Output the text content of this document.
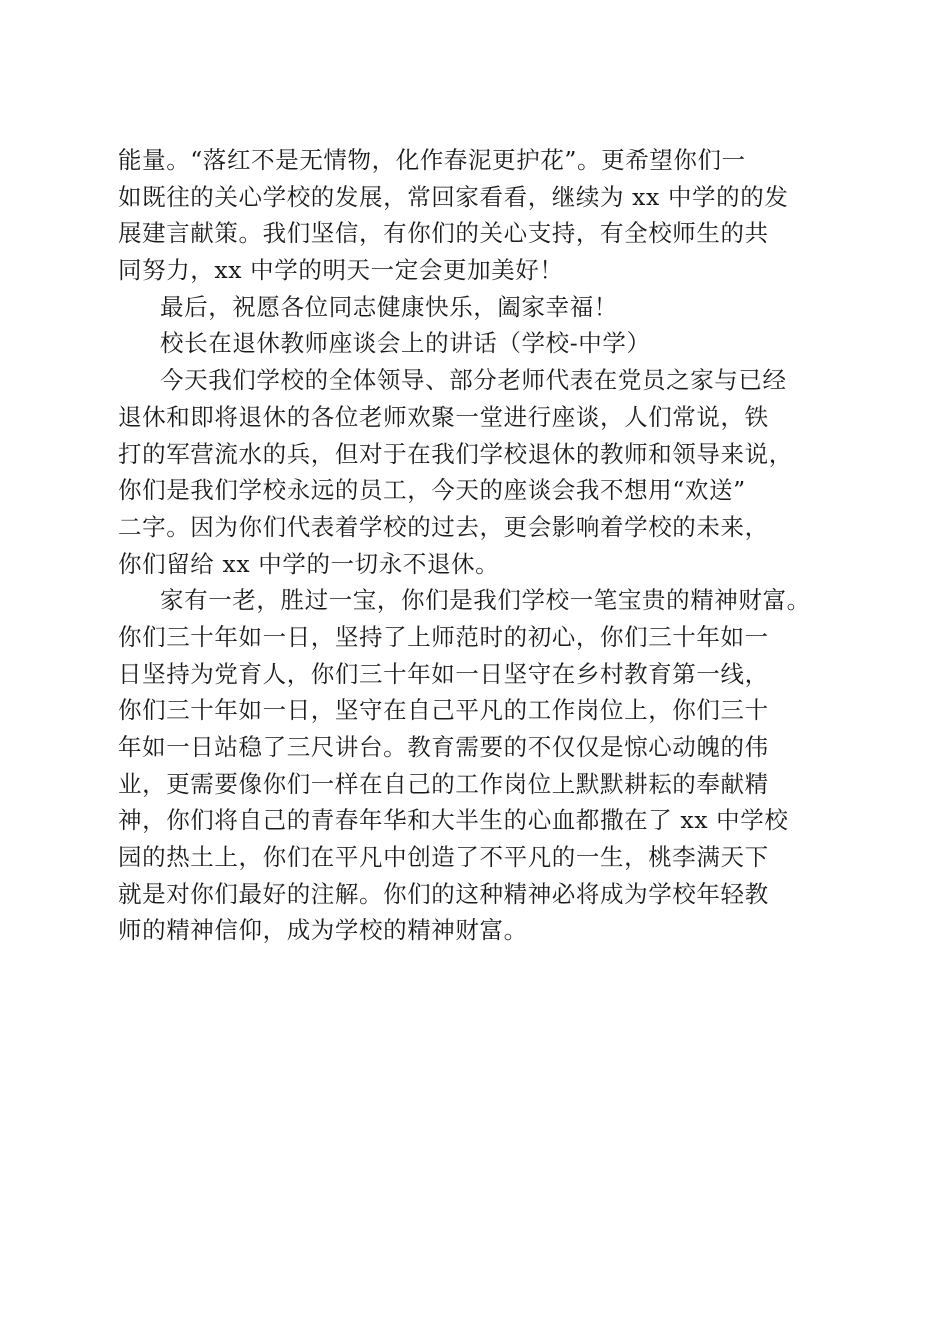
能量。“落红不是无情物，化作春泥更护花”。更希望你们一
如既往的关心学校的发展，常回家看看，继续为 xx 中学的的发
展建言献策。我们坚信，有你们的关心支持，有全校师生的共
同努力，xx 中学的明天一定会更加美好！
最后，祝愿各位同志健康快乐，阖家幸福！
校长在退休教师座谈会上的讲话（学校-中学）
今天我们学校的全体领导、部分老师代表在党员之家与已经
退休和即将退休的各位老师欢聚一堂进行座谈，人们常说，铁
打的军营流水的兵，但对于在我们学校退休的教师和领导来说，
你们是我们学校永远的员工，今天的座谈会我不想用“欢送”
二字。因为你们代表着学校的过去，更会影响着学校的未来，
你们留给 xx 中学的一切永不退休。
家有一老，胜过一宝，你们是我们学校一笔宝贵的精神财富。
你们三十年如一日，坚持了上师范时的初心，你们三十年如一
日坚持为党育人，你们三十年如一日坚守在乡村教育第一线，
你们三十年如一日，坚守在自己平凡的工作岗位上，你们三十
年如一日站稳了三尺讲台。教育需要的不仅仅是惊心动魄的伟
业，更需要像你们一样在自己的工作岗位上默默耕耘的奉献精
神，你们将自己的青春年华和大半生的心血都撒在了 xx 中学校
园的热土上，你们在平凡中创造了不平凡的一生，桃李满天下
就是对你们最好的注解。你们的这种精神必将成为学校年轻教
师的精神信仰，成为学校的精神财富。
